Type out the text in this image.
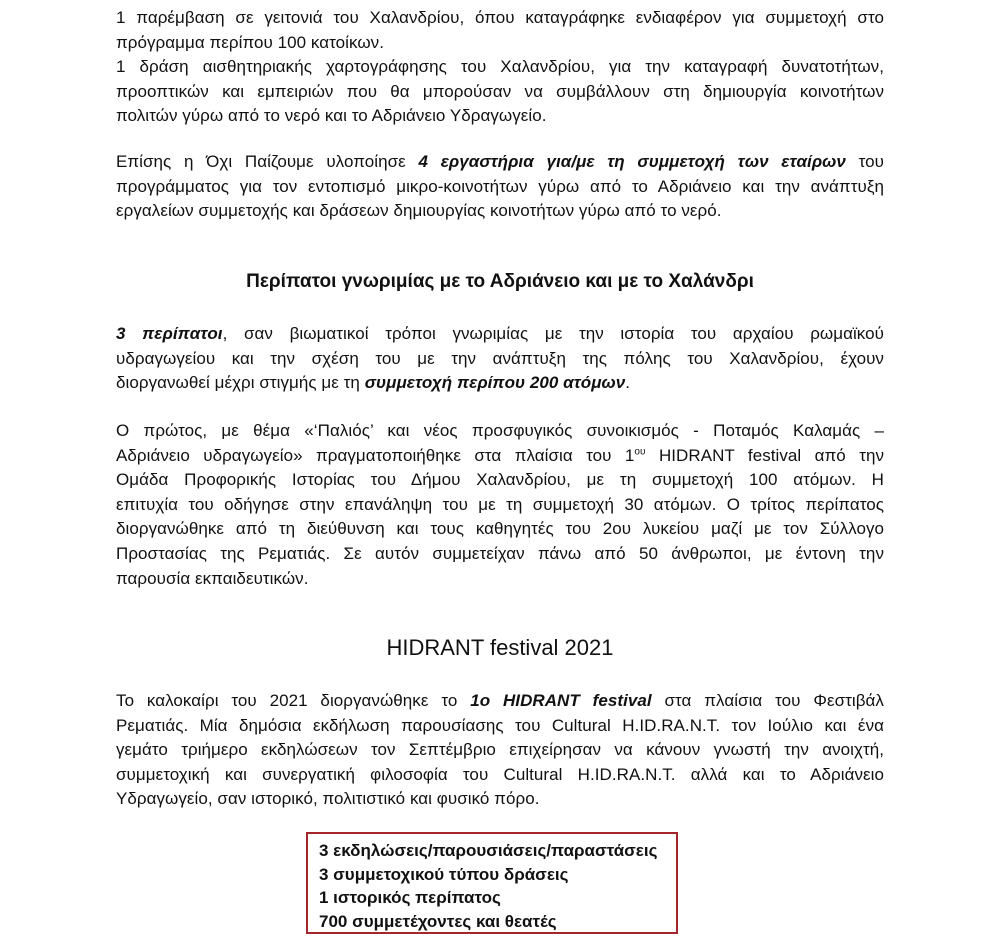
1 παρέμβαση σε γειτονιά του Χαλανδρίου, όπου καταγράφηκε ενδιαφέρον για συμμετοχή στο

πρόγραμμα περίπου 100 κατοίκων.

1 δράση αισθητηριακής χαρτογράφησης του Χαλανδρίου, για την καταγραφή δυνατοτήτων,

προοπτικών και εμπειριών που θα μπορούσαν να συμβάλλουν στη δημιουργία κοινοτήτων

πολιτών γύρω από το νερό και το Αδριάνειο Υδραγωγείο.

Επίσης η Όχι Παίζουμε υλοποίησε 4 εργαστήρια για/με τη συμμετοχή των εταίρων του

προγράμματος για τον εντοπισμό μικρο-κοινοτήτων γύρω από το Αδριάνειο και την ανάπτυξη

εργαλείων συμμετοχής και δράσεων δημιουργίας κοινοτήτων γύρω από το νερό.

Περίπατοι γνωριμίας με το Αδριάνειο και με το Χαλάνδρι

3 περίπατοι, σαν βιωματικοί τρόποι γνωριμίας με την ιστορία του αρχαίου ρωμαϊκού

υδραγωγείου και την σχέση του με την ανάπτυξη της πόλης του Χαλανδρίου, έχουν

διοργανωθεί μέχρι στιγμής με τη συμμετοχή περίπου 200 ατόμων.

Ο πρώτος, με θέμα «‘Παλιός’ και νέος προσφυγικός συνοικισμός - Ποταμός Καλαμάς –

Αδριάνειο υδραγωγείο» πραγματοποιήθηκε στα πλαίσια του $1^{o\upsilon}$ HIDRANT festival από την

Ομάδα Προφορικής Ιστορίας του Δήμου Χαλανδρίου, με τη συμμετοχή 100 ατόμων. Η

επιτυχία του οδήγησε στην επανάληψη του με τη συμμετοχή 30 ατόμων. Ο τρίτος περίπατος

διοργανώθηκε από τη διεύθυνση και τους καθηγητές του 2ου λυκείου μαζί με τον Σύλλογο

Προστασίας της Ρεματιάς. Σε αυτόν συμμετείχαν πάνω από 50 άνθρωποι, με έντονη την

παρουσία εκπαιδευτικών.

HIDRANT festival 2021

Το καλοκαίρι του 2021 διοργανώθηκε το 1ο HIDRANT festival στα πλαίσια του Φεστιβάλ

Ρεματιάς. Μία δημόσια εκδήλωση παρουσίασης του Cultural H.ID.RA.N.T. τον Ιούλιο και ένα

γεμάτο τριήμερο εκδηλώσεων τον Σεπτέμβριο επιχείρησαν να κάνουν γνωστή την ανοιχτή,

συμμετοχική και συνεργατική φιλοσοφία του Cultural H.ID.RA.N.T. αλλά και το Αδριάνειο

Υδραγωγείο, σαν ιστορικό, πολιτιστικό και φυσικό πόρο.

3 εκδηλώσεις/παρουσιάσεις/παραστάσεις
3 συμμετοχικού τύπου δράσεις
1 ιστορικός περίπατος
700 συμμετέχοντες και θεατές
